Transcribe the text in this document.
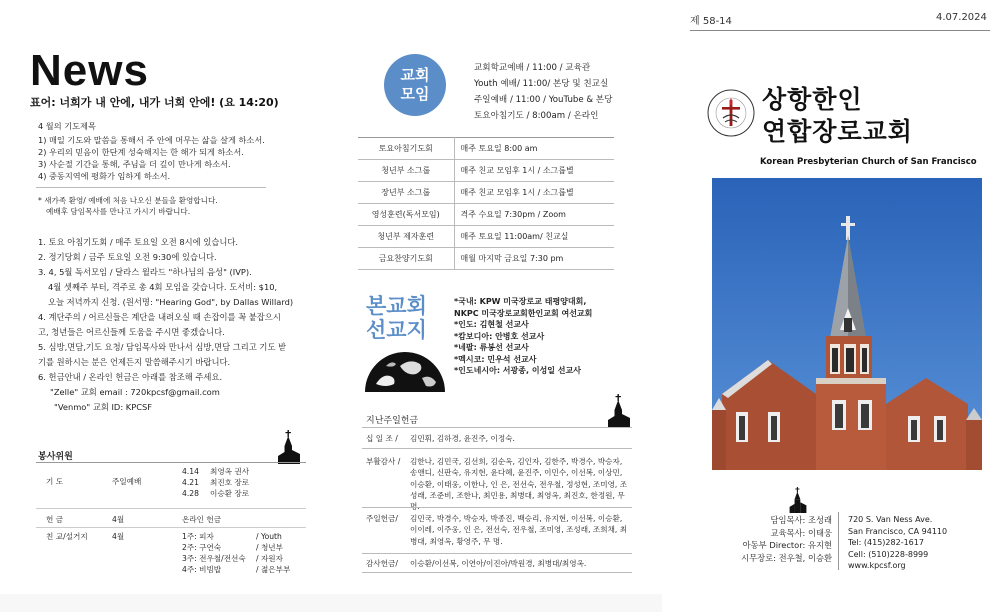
제 58-14	4.07.2024
News
표어: 너희가 내 안에, 내가 너희 안에! (요 14:20)
4 월의 기도제목
1) 매일 기도와 말씀을 통해서 주 안에 머무는 삶을 살게 하소서.
2) 우리의 믿음이 한단계 성숙해지는 한 해가 되게 하소서.
3) 사순절 기간을 통해, 주님을 더 깊이 만나게 하소서.
4) 중동지역에 평화가 임하게 하소서.
* 새가족 환영/ 예배에 처음 나오신 분들을 환영합니다.
예배후 담임목사를 만나고 가시기 바랍니다.
1. 토요 아침기도회 / 매주 토요일 오전 8시에 있습니다.
2. 정기당회 / 금주 토요일 오전 9:30에 있습니다.
3. 4, 5월 독서모임 / 달라스 윌라드 "하나님의 음성" (IVP).
4월 셋째주 부터, 격주로 총 4회 모임을 갖습니다. 도서비: $10,
오늘 저녁까지 신청. (원서명: "Hearing God", by Dallas Willard)
4. 계단주의 / 어르신들은 계단을 내려오실 때 손잡이를 꼭 붙잡으시
고, 청년들은 어르신들께 도움을 주시면 좋겠습니다.
5. 심방,면담,기도 요청/ 담임목사와 만나서 심방,면담 그리고 기도 받
기를 원하시는 분은 언제든지 말씀해주시기 바랍니다.
6. 헌금안내 / 온라인 헌금은 아래를 참조해 주세요.
"Zelle" 교회 email : 720kpcsf@gmail.com
"Venmo" 교회 ID: KPCSF
봉사위원
기 도	주일예배
4.14 최영옥 권사
4.21 최진호 장로
4.28 이승환 장로
헌 금	4월	온라인 헌금
친 교/설거지	4월	1주: 피자	/ Youth
2주: 구연숙	/ 청년부
3주: 전우철/전선숙 / 자원자
4주: 비빔밥	/ 젊은부부
교회
모임
교회학교예배 / 11:00 / 교육관
Youth 예배/ 11:00/ 본당 및 친교실
주일예배 / 11:00 / YouTube & 본당
토요아침기도 / 8:00am / 온라인
토요아침기도회	매주 토요일 8:00 am
청년부 소그룹	매주 친교 모임후 1시 / 소그룹별
장년부 소그룹	매주 친교 모임후 1시 / 소그룹별
영성훈련(독서모임)	격주 수요일 7:30pm / Zoom
청년부 제자훈련	매주 토요일 11:00am/ 친교실
금요찬양기도회	매월 마지막 금요일 7:30 pm
본교회
선교지
*국내: KPW 미국장로교 태평양대회,
NKPC 미국장로교회한인교회 여선교회
*인도: 김현철 선교사
*캄보디아: 안병호 선교사
*네팔: 류봉선 선교사
*멕시코: 민우석 선교사
*인도네시아: 서광종, 이성일 선교사
지난주일헌금
십 일 조 / 김민휘, 김하경, 윤진주, 이정숙.
부활감사 / 김한나, 김민국, 김선희, 김순옥, 김인자, 김한주, 박경수, 박승자, 송앤디, 신판숙, 유지현, 윤다혜, 윤진주, 이민수, 이선복, 이상민, 이승환, 이태웅, 이한나, 인 은, 전선숙, 전우철, 정성현, 조미영, 조성래, 조준비, 조한나, 최민용, 최병대, 최영옥, 최진호, 한정원, 무
주일헌금/ 김민국, 박경수, 박승자, 박종진, 백승리, 유지현, 이선복, 이승환, 이이레, 이주웅, 인 은, 전선숙, 전우철, 조미영, 조성래, 조희채, 최병대, 최영옥, 황영주, 무 명.
감사헌금/ 이승환/이선복, 이연아/이진아/박원경, 최병대/최영옥.
상항한인
연합장로교회
Korean Presbyterian Church of San Francisco
담임목사: 조성래
교육목사: 이태웅
아동부 Director: 유지현
시무장로: 전우철, 이승환
720 S. Van Ness Ave.
San Francisco, CA 94110
Tel: (415)282-1617
Cell: (510)228-8999
www.kpcsf.org
